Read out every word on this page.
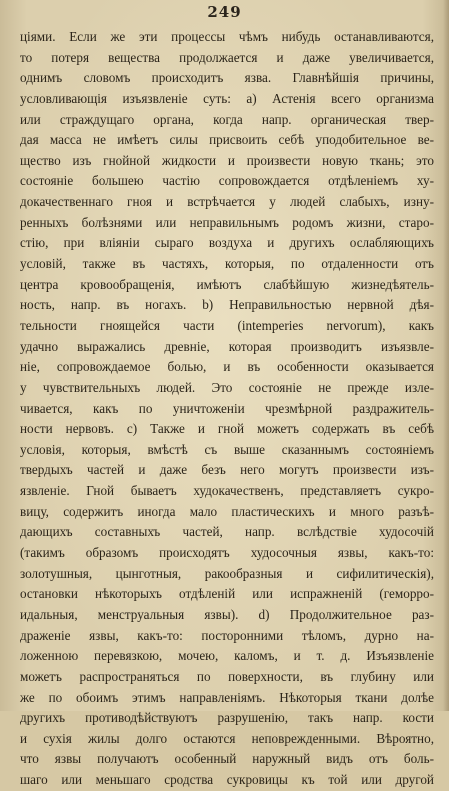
249
ціями. Если же эти процессы чѣмъ нибудь останавливаются,
то потеря вещества продолжается и даже увеличивается,
однимъ словомъ происходитъ язва. Главнѣйшія причины,
условливающія изъязвленіе суть: а) Астенія всего организма
или страждущаго органа, когда напр. органическая твер-
дая масса не имѣетъ силы присвоить себѣ уподобительное ве-
щество изъ гнойной жидкости и произвести новую ткань; это
состояніе большею частію сопровождается отдѣленіемъ ху-
докачественнаго гноя и встрѣчается у людей слабыхъ, изну-
ренныхъ болѣзнями или неправильнымъ родомъ жизни, старо-
стію, при вліяніи сыраго воздуха и другихъ ослабляющихъ
условій, также въ частяхъ, которыя, по отдаленности отъ
центра кровообращенія, имѣютъ слабѣйшую жизнедѣятель-
ность, напр. въ ногахъ. b) Неправильностью нервной дѣя-
тельности гноящейся части (intemperies nervorum), какъ
удачно выражались древніе, которая производитъ изъязвле-
ніе, сопровождаемое болью, и въ особенности оказывается
у чувствительныхъ людей. Это состояніе не прежде изле-
чивается, какъ по уничтоженіи чрезмѣрной раздражитель-
ности нервовъ. c) Также и гной можетъ содержать въ себѣ
условія, которыя, вмѣстѣ съ выше сказаннымъ состояніемъ
твердыхъ частей и даже безъ него могутъ произвести изъ-
язвленіе. Гной бываетъ худокачественъ, представляетъ сукро-
вицу, содержитъ иногда мало пластическихъ и много разъѣ-
дающихъ составныхъ частей, напр. вслѣдствіе худосочій
(такимъ образомъ происходятъ худосочныя язвы, какъ-то:
золотушныя, цынготныя, ракообразныя и сифилитическія),
остановки нѣкоторыхъ отдѣленій или испражненій (геморро-
идальныя, менструальныя язвы). d) Продолжительное раз-
драженіе язвы, какъ-то: посторонними тѣломъ, дурно на-
ложенною перевязкою, мочею, каломъ, и т. д. Изъязвленіе
можетъ распространяться по поверхности, въ глубину или
же по обоимъ этимъ направленіямъ. Нѣкоторыя ткани долѣе
другихъ противодѣйствуютъ разрушенію, такъ напр. кости
и сухія жилы долго остаются неповрежденными. Вѣроятно,
что язвы получаютъ особенный наружный видъ отъ боль-
шаго или меньшаго сродства сукровицы къ той или другой
